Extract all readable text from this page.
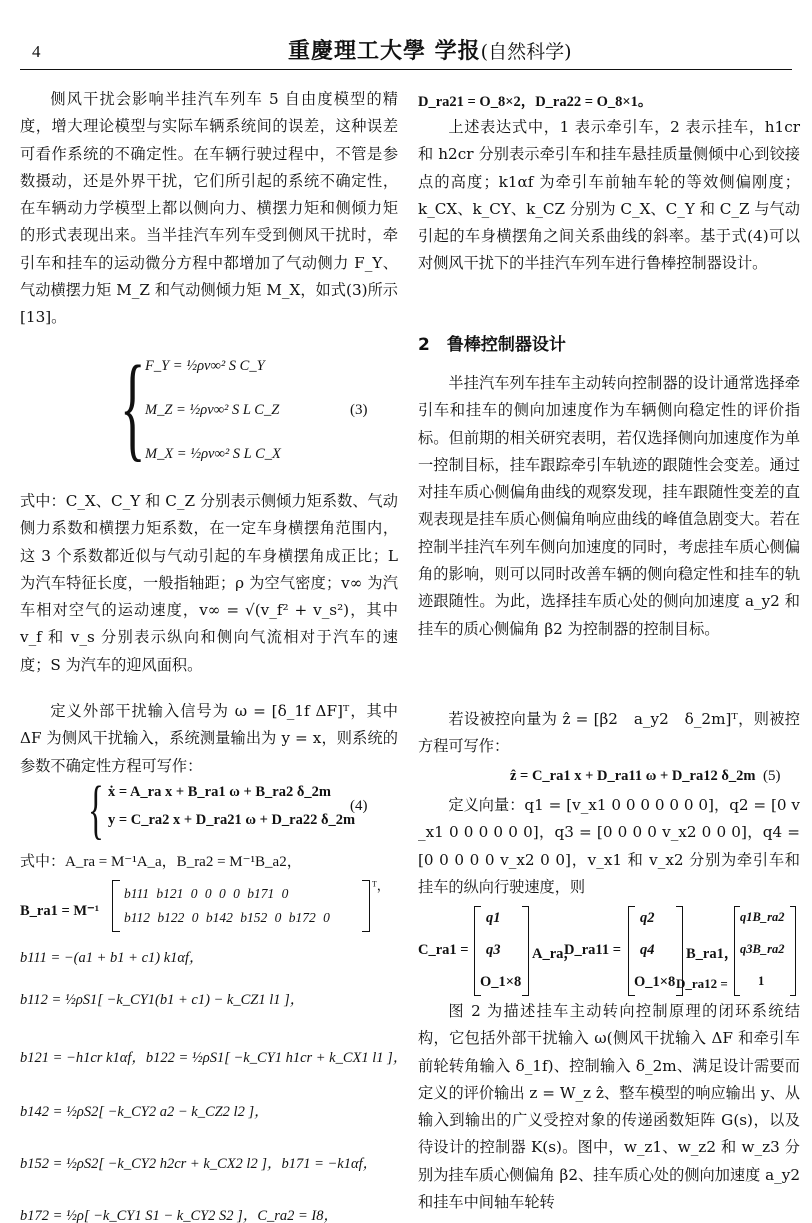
4	重慶理工大學 学报(自然科学)

侧风干扰会影响半挂汽车列车 5 自由度模型的精度，增大理论模型与实际车辆系统间的误差，这种误差可看作系统的不确定性。在车辆行驶过程中，不管是参数摄动，还是外界干扰，它们所引起的系统不确定性，在车辆动力学模型上都以侧向力、横摆力矩和侧倾力矩的形式表现出来。当半挂汽车列车受到侧风干扰时，牵引车和挂车的运动微分方程中都增加了气动侧力 F_Y、气动横摆力矩 M_Z 和气动侧倾力矩 M_X，如式(3)所示[13]。

{ F_Y = ½ρv∞² S C_Y
M_Z = ½ρv∞² S L C_Z
M_X = ½ρv∞² S L C_X
(3)

式中：C_X、C_Y 和 C_Z 分别表示侧倾力矩系数、气动侧力系数和横摆力矩系数，在一定车身横摆角范围内，这 3 个系数都近似与气动引起的车身横摆角成正比；L 为汽车特征长度，一般指轴距；ρ 为空气密度；v∞ 为汽车相对空气的运动速度，v∞ = √(v_f² + v_s²)，其中 v_f 和 v_s 分别表示纵向和侧向气流相对于汽车的速度；S 为汽车的迎风面积。

定义外部干扰输入信号为 ω = [δ_1f ΔF]ᵀ，其中 ΔF 为侧风干扰输入，系统测量输出为 y = x，则系统的参数不确定性方程可写作：

{ ẋ = A_ra x + B_ra1 ω + B_ra2 δ_2m
y = C_ra2 x + D_ra21 ω + D_ra22 δ_2m
(4)
式中：A_ra = M⁻¹A_a，B_ra2 = M⁻¹B_a2，
B_ra1 = M⁻¹
b111 b121 0 0 0 0 b171 0
b112 b122 0 b142 b152 0 b172 0
ᵀ，
b111 = −(a1 + b1 + c1) k1αf，
b112 = ½ρS1[ −k_CY1(b1 + c1) − k_CZ1 l1 ]，
b121 = −h1cr k1αf，b122 = ½ρS1[ −k_CY1 h1cr + k_CX1 l1 ]，
b142 = ½ρS2[ −k_CY2 a2 − k_CZ2 l2 ]，
b152 = ½ρS2[ −k_CY2 h2cr + k_CX2 l2 ]，b171 = −k1αf，
b172 = ½ρ[ −k_CY1 S1 − k_CY2 S2 ]，C_ra2 = I8，
D_ra21 = O_8×2，D_ra22 = O_8×1。

上述表达式中，1 表示牵引车，2 表示挂车，h1cr 和 h2cr 分别表示牵引车和挂车悬挂质量侧倾中心到铰接点的高度；k1αf 为牵引车前轴车轮的等效侧偏刚度；k_CX、k_CY、k_CZ 分别为 C_X、C_Y 和 C_Z 与气动引起的车身横摆角之间关系曲线的斜率。基于式(4)可以对侧风干扰下的半挂汽车列车进行鲁棒控制器设计。

2　鲁棒控制器设计

半挂汽车列车挂车主动转向控制器的设计通常选择牵引车和挂车的侧向加速度作为车辆侧向稳定性的评价指标。但前期的相关研究表明，若仅选择侧向加速度作为单一控制目标，挂车跟踪牵引车轨迹的跟随性会变差。通过对挂车质心侧偏角曲线的观察发现，挂车跟随性变差的直观表现是挂车质心侧偏角响应曲线的峰值急剧变大。若在控制半挂汽车列车侧向加速度的同时，考虑挂车质心侧偏角的影响，则可以同时改善车辆的侧向稳定性和挂车的轨迹跟随性。为此，选择挂车质心处的侧向加速度 a_y2 和挂车的质心侧偏角 β2 为控制器的控制目标。

若设被控向量为 ẑ = [β2　a_y2　δ_2m]ᵀ，则被控方程可写作：

ẑ = C_ra1 x + D_ra11 ω + D_ra12 δ_2m (5)

定义向量：q1 = [v_x1 0 0 0 0 0 0 0]，q2 = [0 v_x1 0 0 0 0 0 0]，q3 = [0 0 0 0 v_x2 0 0 0]，q4 = [0 0 0 0 0 v_x2 0 0]，v_x1 和 v_x2 分别为牵引车和挂车的纵向行驶速度，则

C_ra1 =
q1
q3
O_1×8
A_ra，
D_ra11 =
q2
q4
O_1×8
B_ra1，

图 2 为描述挂车主动转向控制原理的闭环系统结构，它包括外部干扰输入 ω(侧风干扰输入 ΔF 和牵引车前轮转角输入 δ_1f)、控制输入 δ_2m、满足设计需要而定义的评价输出 z = W_z ẑ、整车模型的响应输出 y、从输入到输出的广义受控对象的传递函数矩阵 G(s)，以及待设计的控制器 K(s)。图中，w_z1、w_z2 和 w_z3 分别为挂车质心侧偏角 β2、挂车质心处的侧向加速度 a_y2 和挂车中间轴车轮转

D_ra12 =
q1B_ra2
q3B_ra2
1
